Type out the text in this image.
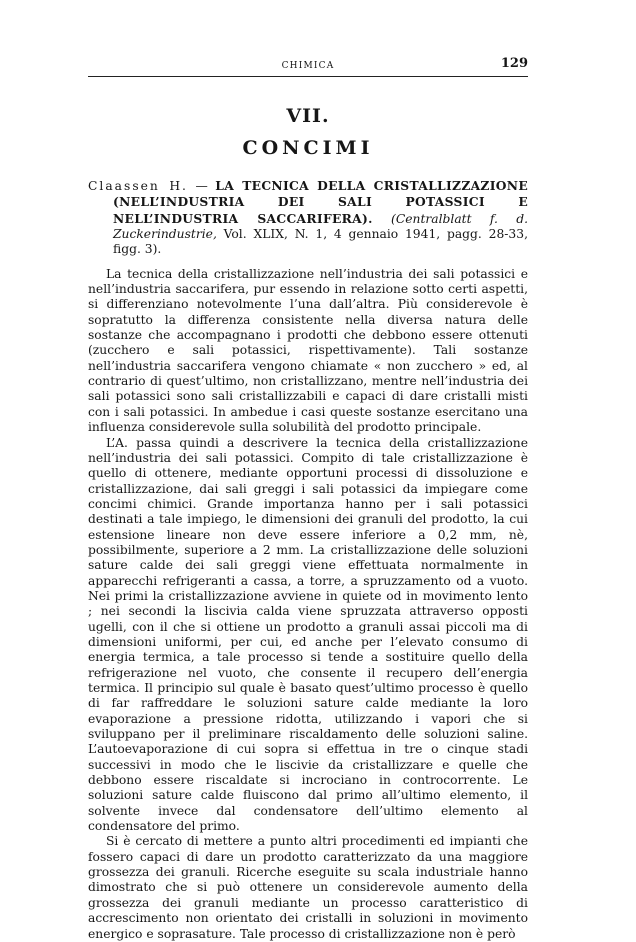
CHIMICA	129
VII.
CONCIMI

Claassen H. — LA TECNICA DELLA CRISTALLIZZAZIONE (NELL’INDUSTRIA DEI SALI POTASSICI E NELL’INDUSTRIA SACCARIFERA). (Centralblatt f. d. Zuckerindustrie, Vol. XLIX, N. 1, 4 gennaio 1941, pagg. 28-33, figg. 3).

La tecnica della cristallizzazione nell’industria dei sali potassici e nell’industria saccarifera, pur essendo in relazione sotto certi aspetti, si differenziano notevolmente l’una dall’altra. Più considerevole è sopratutto la differenza consistente nella diversa natura delle sostanze che accompagnano i prodotti che debbono essere ottenuti (zucchero e sali potassici, rispettivamente). Tali sostanze nell’industria saccarifera vengono chiamate « non zucchero » ed, al contrario di quest’ultimo, non cristallizzano, mentre nell’industria dei sali potassici sono sali cristallizzabili e capaci di dare cristalli misti con i sali potassici. In ambedue i casi queste sostanze esercitano una influenza considerevole sulla solubilità del prodotto principale.

L’A. passa quindi a descrivere la tecnica della cristallizzazione nell’industria dei sali potassici. Compito di tale cristallizzazione è quello di ottenere, mediante opportuni processi di dissoluzione e cristallizzazione, dai sali greggi i sali potassici da impiegare come concimi chimici. Grande importanza hanno per i sali potassici destinati a tale impiego, le dimensioni dei granuli del prodotto, la cui estensione lineare non deve essere inferiore a 0,2 mm, nè, possibilmente, superiore a 2 mm. La cristallizzazione delle soluzioni sature calde dei sali greggi viene effettuata normalmente in apparecchi refrigeranti a cassa, a torre, a spruzzamento od a vuoto. Nei primi la cristallizzazione avviene in quiete od in movimento lento ; nei secondi la liscivia calda viene spruzzata attraverso opposti ugelli, con il che si ottiene un prodotto a granuli assai piccoli ma di dimensioni uniformi, per cui, ed anche per l’elevato consumo di energia termica, a tale processo si tende a sostituire quello della refrigerazione nel vuoto, che consente il recupero dell’energia termica. Il principio sul quale è basato quest’ultimo processo è quello di far raffreddare le soluzioni sature calde mediante la loro evaporazione a pressione ridotta, utilizzando i vapori che si sviluppano per il preliminare riscaldamento delle soluzioni saline. L’autoevaporazione di cui sopra si effettua in tre o cinque stadi successivi in modo che le liscivie da cristallizzare e quelle che debbono essere riscaldate si incrociano in controcorrente. Le soluzioni sature calde fluiscono dal primo all’ultimo elemento, il solvente invece dal condensatore dell’ultimo elemento al condensatore del primo.

Si è cercato di mettere a punto altri procedimenti ed impianti che fossero capaci di dare un prodotto caratterizzato da una maggiore grossezza dei granuli. Ricerche eseguite su scala industriale hanno dimostrato che si può ottenere un considerevole aumento della grossezza dei granuli mediante un processo caratteristico di accrescimento non orientato dei cristalli in soluzioni in movimento energico e soprasature. Tale processo di cristallizzazione non è però
